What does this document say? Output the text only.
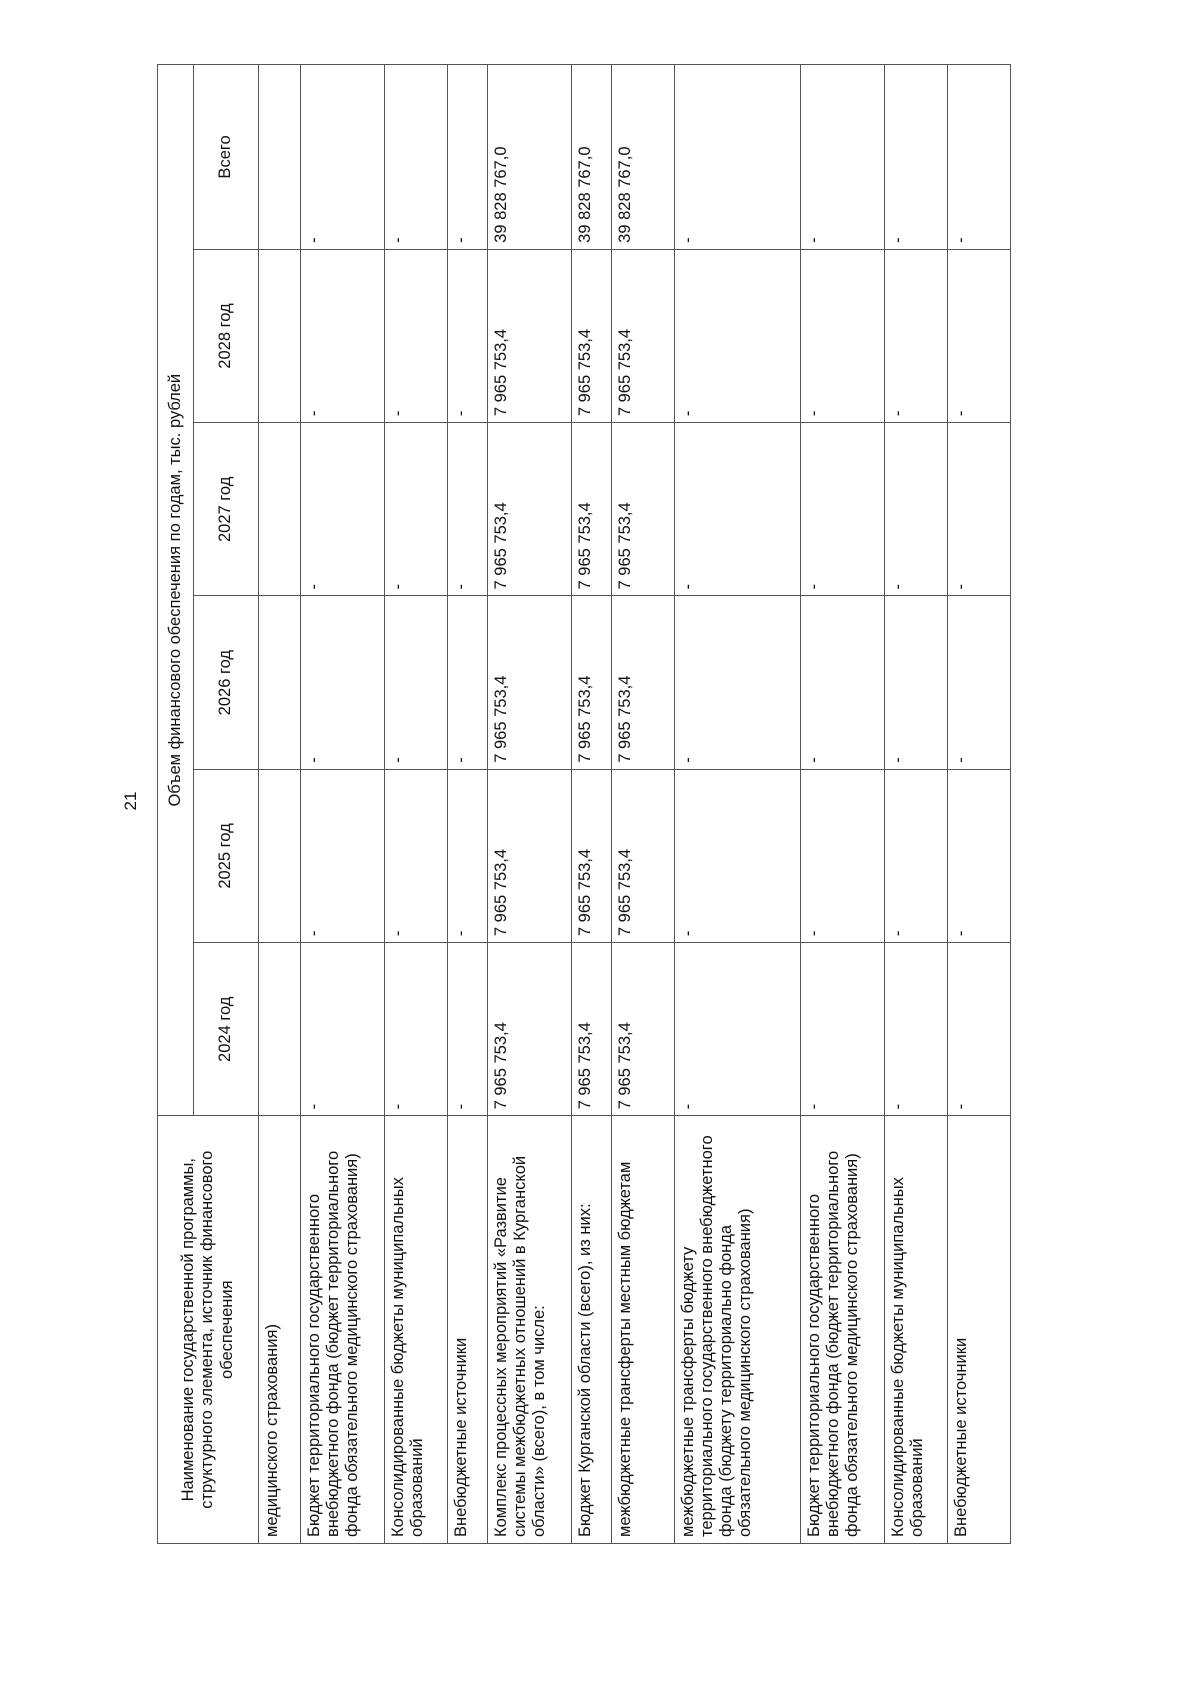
21
Наименование государственной программы, структурного элемента, источник финансового обеспечения	Объем финансового обеспечения по годам, тыс. рублей					
	2024 год	2025 год	2026 год	2027 год	2028 год	Всего
медицинского страхования)						
Бюджет территориального государственного внебюджетного фонда (бюджет территориального фонда обязательного медицинского страхования)	-	-	-	-	-	-
Консолидированные бюджеты муниципальных образований	-	-	-	-	-	-
Внебюджетные источники	-	-	-	-	-	-
Комплекс процессных мероприятий «Развитие системы межбюджетных отношений в Курганской области» (всего), в том числе:	7 965 753,4	7 965 753,4	7 965 753,4	7 965 753,4	7 965 753,4	39 828 767,0
Бюджет Курганской области (всего), из них:	7 965 753,4	7 965 753,4	7 965 753,4	7 965 753,4	7 965 753,4	39 828 767,0
межбюджетные трансферты местным бюджетам	7 965 753,4	7 965 753,4	7 965 753,4	7 965 753,4	7 965 753,4	39 828 767,0
межбюджетные трансферты бюджету территориального государственного внебюджетного фонда (бюджету территориально фонда обязательного медицинского страхования)	-	-	-	-	-	-
Бюджет территориального государственного внебюджетного фонда (бюджет территориального фонда обязательного медицинского страхования)	-	-	-	-	-	-
Консолидированные бюджеты муниципальных образований	-	-	-	-	-	-
Внебюджетные источники	-	-	-	-	-	-
